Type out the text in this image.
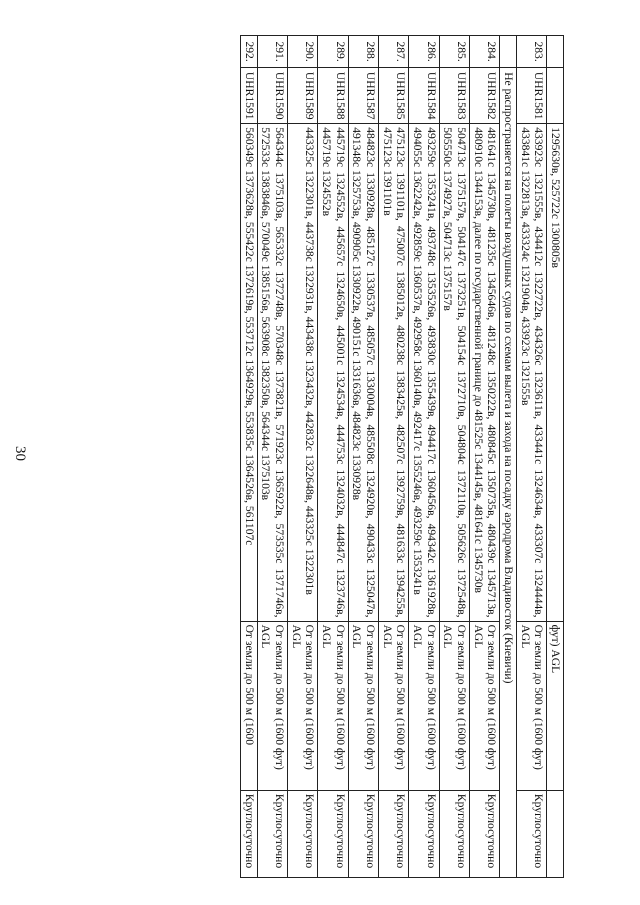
30
		1295630в, 525722с 1300805в	фут) AGL	
283.	UHR1581	433923с 1321555в, 434412с 1322722в, 434326с 1323611в, 433441с 1324634в, 433307с 1324444в, 433841с 1322813в, 433324с 1321904в, 433923с 1321555в	От земли до 500 м (1600 фут) AGL	Круглосуточно
	Не распространяется на полеты воздушных судов по схемам вылета и захода на посадку аэродрома Владивосток (Кневичи)			
284.	UHR1582	481641с 1345730в, 481235с 1345646в, 481248с 1350222в, 480845с 1350735в, 480439с 1345713в, 480910с 1344153в, далее по государственной границе до 481525с 1344145в, 481641с 1345730в	От земли до 500 м (1600 фут) AGL	Круглосуточно
285.	UHR1583	504713с 1375157в, 504147с 1373251в, 504154с 1372710в, 504804с 1372110в, 505626с 1372548в, 505550с 1374927в, 504713с 1375157в	От земли до 500 м (1600 фут) AGL	Круглосуточно
286.	UHR1584	493259с 1353241в, 493748с 1353526в, 493830с 1355439в, 494417с 1360456в, 494342с 1361928в, 494055с 1362242в, 492859с 1360537в, 492958с 1360140в, 492417с 1355246в, 493259с 1353241в	От земли до 500 м (1600 фут) AGL	Круглосуточно
287.	UHR1585	475123с 1391101в, 475007с 1385012в, 480238с 1383425в, 482507с 1392759в, 481633с 1394255в, 475123с 1391101в	От земли до 500 м (1600 фут) AGL	Круглосуточно
288.	UHR1587	484823с 1330928в, 485127с 1330537в, 485057с 1330004в, 485508с 1324920в, 490433с 1325047в, 491348с 1325753в, 490905с 1330922в, 490151с 1331636в, 484823с 1330928в	От земли до 500 м (1600 фут) AGL	Круглосуточно
289.	UHR1588	445719с 1324552в, 445657с 1324650в, 445001с 1324534в, 444753с 1324032в, 444847с 1323746в, 445719с 1324552в	От земли до 500 м (1600 фут) AGL	Круглосуточно
290.	UHR1589	443325с 1322301в, 443738с 1322931в, 443438с 1323432в, 442832с 1322648в, 443325с 1322301в	От земли до 500 м (1600 фут) AGL	Круглосуточно
291.	UHR1590	564344с 1375103в, 565332с 1372748в, 570348с 1373821в, 571923с 1365922в, 573535с 1371746в, 572533с 1383846в, 570049с 1385156в, 563908с 1382350в, 564344с 1375103в	От земли до 500 м (1600 фут) AGL	Круглосуточно
292.	UHR1591	560349с 1373628в, 555422с 1372619в, 553712с 1364929в, 553835с 1364526в, 561107с	От земли до 500 м (1600	Круглосуточно
